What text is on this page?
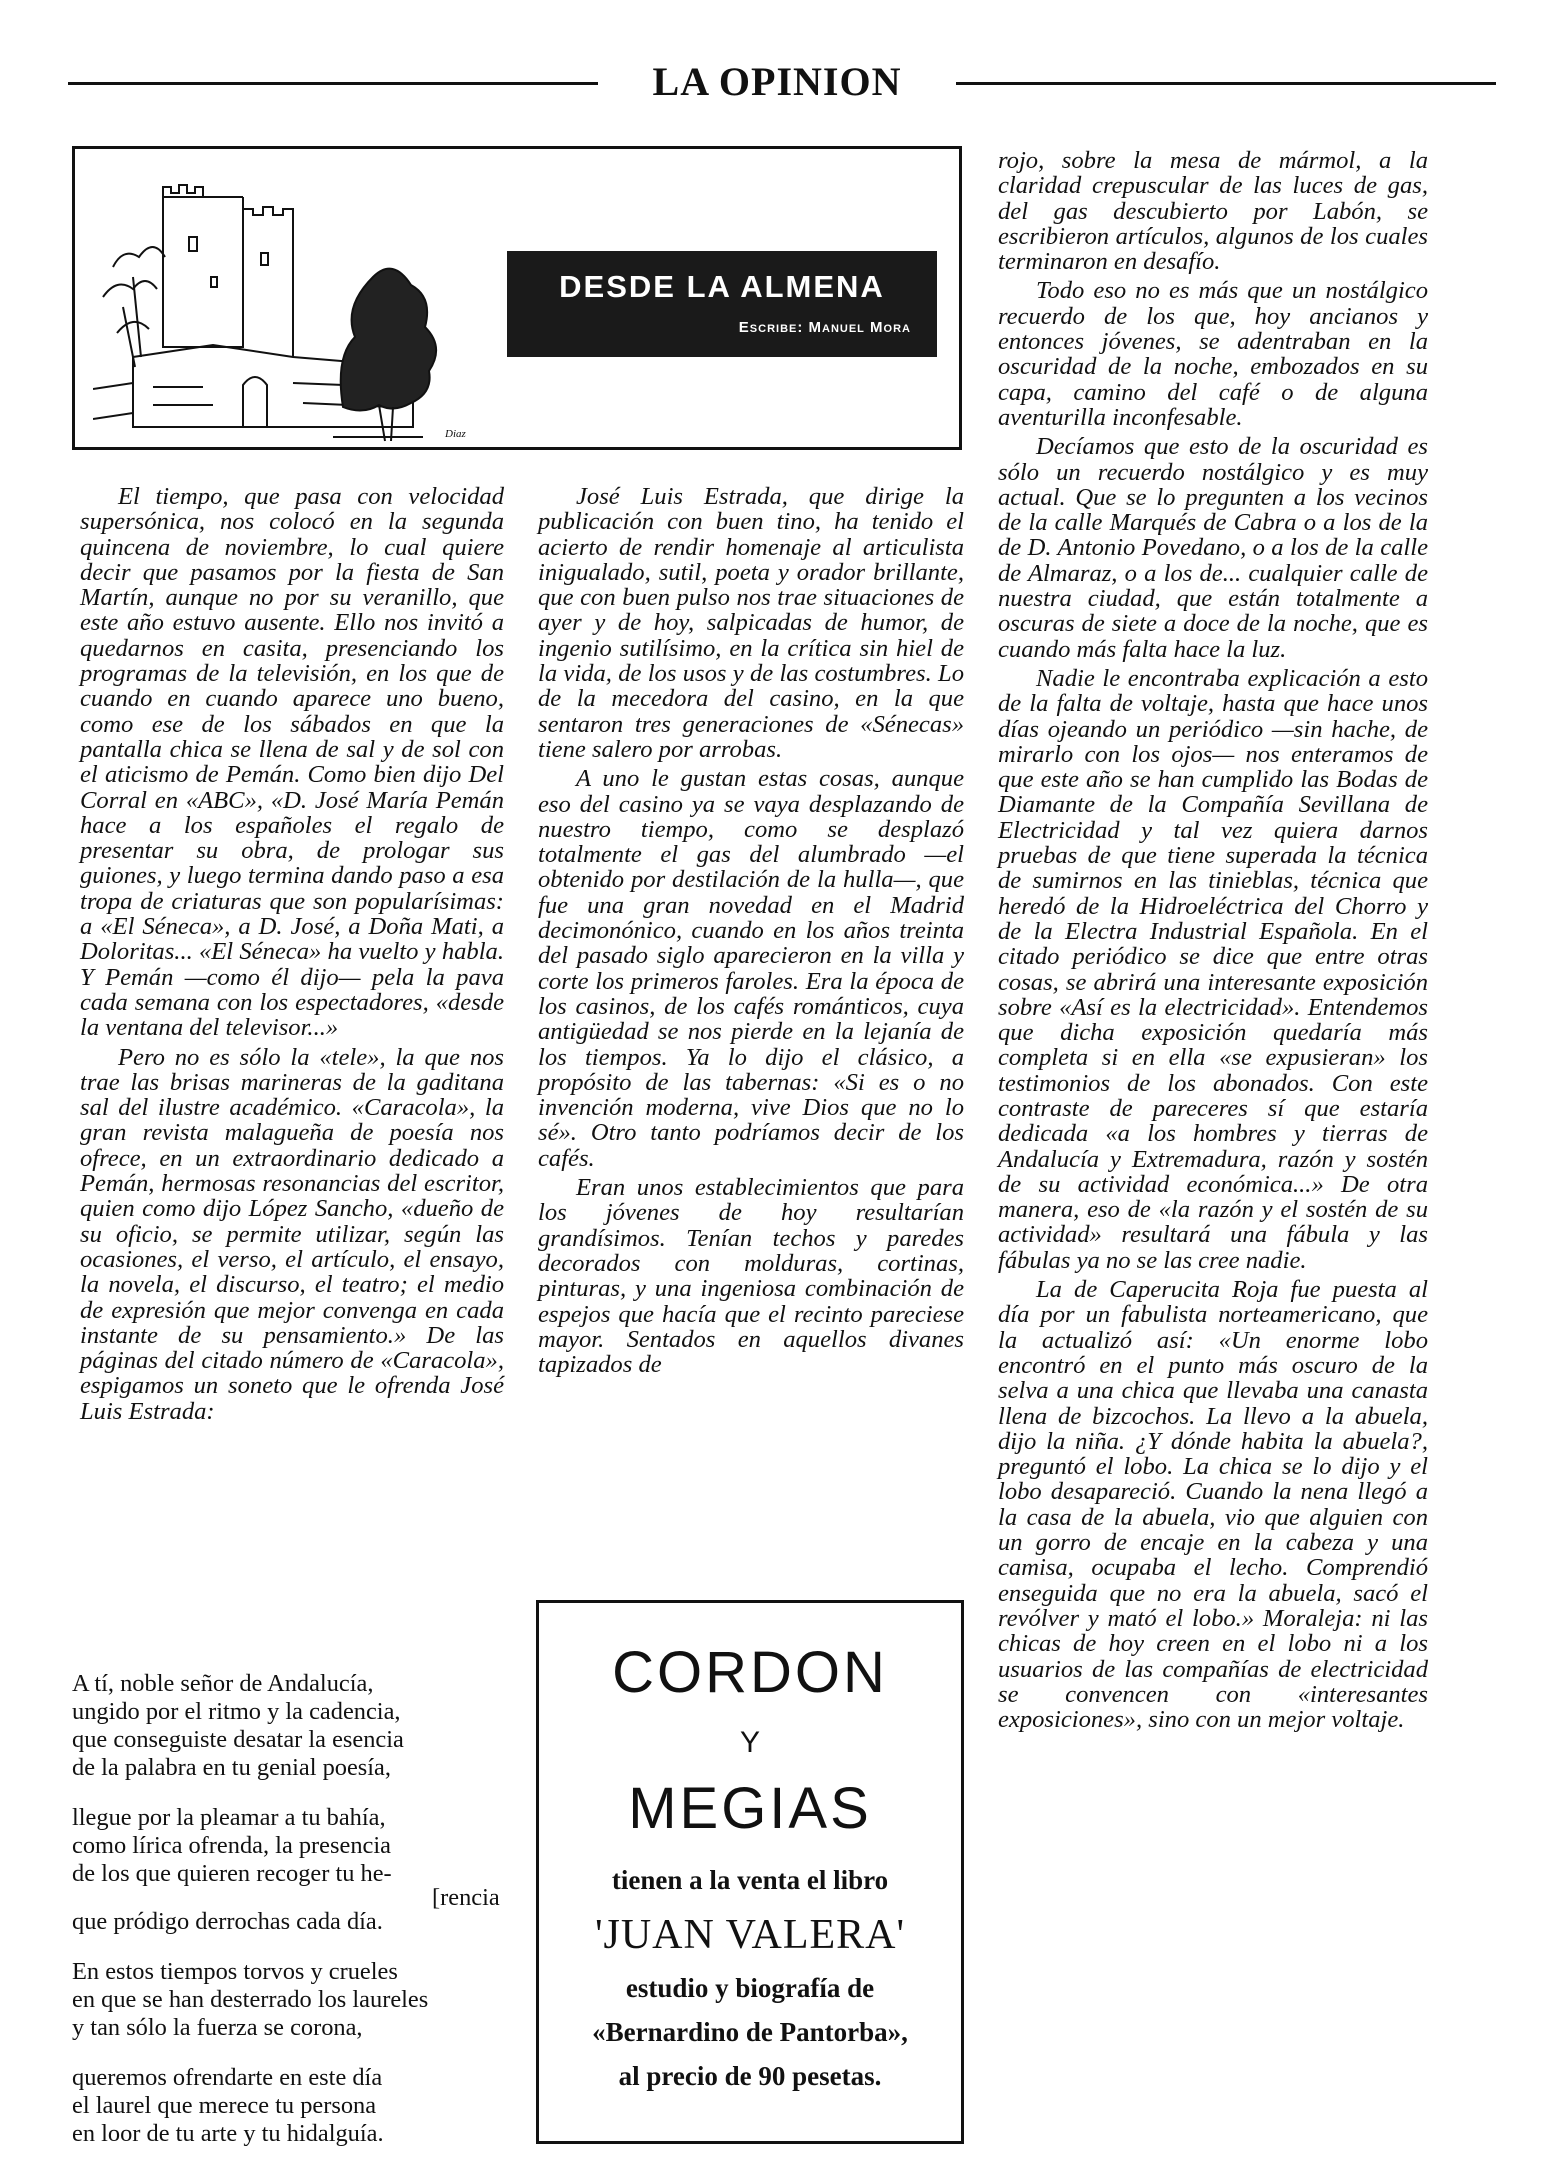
LA OPINION
Diaz
DESDE LA ALMENA
Escribe: Manuel Mora

El tiempo, que pasa con velocidad supersónica, nos colocó en la segunda quincena de noviembre, lo cual quiere decir que pasamos por la fiesta de San Martín, aunque no por su veranillo, que este año estuvo ausente. Ello nos invitó a quedarnos en casita, presenciando los programas de la televisión, en los que de cuando en cuando aparece uno bueno, como ese de los sábados en que la pantalla chica se llena de sal y de sol con el aticismo de Pemán. Como bien dijo Del Corral en «ABC», «D. José María Pemán hace a los españoles el regalo de presentar su obra, de prologar sus guiones, y luego termina dando paso a esa tropa de criaturas que son popularísimas: a «El Séneca», a D. José, a Doña Mati, a Doloritas... «El Séneca» ha vuelto y habla. Y Pemán —como él dijo— pela la pava cada semana con los espectadores, «desde la ventana del televisor...»

Pero no es sólo la «tele», la que nos trae las brisas marineras de la gaditana sal del ilustre académico. «Caracola», la gran revista malagueña de poesía nos ofrece, en un extraordinario dedicado a Pemán, hermosas resonancias del escritor, quien como dijo López Sancho, «dueño de su oficio, se permite utilizar, según las ocasiones, el verso, el artículo, el ensayo, la novela, el discurso, el teatro; el medio de expresión que mejor convenga en cada instante de su pensamiento.» De las páginas del citado número de «Caracola», espigamos un soneto que le ofrenda José Luis Estrada:

A tí, noble señor de Andalucía,
ungido por el ritmo y la cadencia,
que conseguiste desatar la esencia
de la palabra en tu genial poesía,
llegue por la pleamar a tu bahía,
como lírica ofrenda, la presencia
de los que quieren recoger tu he-
[rencia
que pródigo derrochas cada día.
En estos tiempos torvos y crueles
en que se han desterrado los laureles
y tan sólo la fuerza se corona,
queremos ofrendarte en este día
el laurel que merece tu persona
en loor de tu arte y tu hidalguía.

José Luis Estrada, que dirige la publicación con buen tino, ha tenido el acierto de rendir homenaje al articulista inigualado, sutil, poeta y orador brillante, que con buen pulso nos trae situaciones de ayer y de hoy, salpicadas de humor, de ingenio sutilísimo, en la crítica sin hiel de la vida, de los usos y de las costumbres. Lo de la mecedora del casino, en la que sentaron tres generaciones de «Sénecas» tiene salero por arrobas.

A uno le gustan estas cosas, aunque eso del casino ya se vaya desplazando de nuestro tiempo, como se desplazó totalmente el gas del alumbrado —el obtenido por destilación de la hulla—, que fue una gran novedad en el Madrid decimonónico, cuando en los años treinta del pasado siglo aparecieron en la villa y corte los primeros faroles. Era la época de los casinos, de los cafés románticos, cuya antigüedad se nos pierde en la lejanía de los tiempos. Ya lo dijo el clásico, a propósito de las tabernas: «Si es o no invención moderna, vive Dios que no lo sé». Otro tanto podríamos decir de los cafés.

Eran unos establecimientos que para los jóvenes de hoy resultarían grandísimos. Tenían techos y paredes decorados con molduras, cortinas, pinturas, y una ingeniosa combinación de espejos que hacía que el recinto pareciese mayor. Sentados en aquellos divanes tapizados de

CORDON
Y
MEGIAS
tienen a la venta el libro
'JUAN VALERA'
estudio y biografía de
«Bernardino de Pantorba»,
al precio de 90 pesetas.

rojo, sobre la mesa de mármol, a la claridad crepuscular de las luces de gas, del gas descubierto por Labón, se escribieron artículos, algunos de los cuales terminaron en desafío.

Todo eso no es más que un nostálgico recuerdo de los que, hoy ancianos y entonces jóvenes, se adentraban en la oscuridad de la noche, embozados en su capa, camino del café o de alguna aventurilla inconfesable.

Decíamos que esto de la oscuridad es sólo un recuerdo nostálgico y es muy actual. Que se lo pregunten a los vecinos de la calle Marqués de Cabra o a los de la de D. Antonio Povedano, o a los de la calle de Almaraz, o a los de... cualquier calle de nuestra ciudad, que están totalmente a oscuras de siete a doce de la noche, que es cuando más falta hace la luz.

Nadie le encontraba explicación a esto de la falta de voltaje, hasta que hace unos días ojeando un periódico —sin hache, de mirarlo con los ojos— nos enteramos de que este año se han cumplido las Bodas de Diamante de la Compañía Sevillana de Electricidad y tal vez quiera darnos pruebas de que tiene superada la técnica de sumirnos en las tinieblas, técnica que heredó de la Hidroeléctrica del Chorro y de la Electra Industrial Española. En el citado periódico se dice que entre otras cosas, se abrirá una interesante exposición sobre «Así es la electricidad». Entendemos que dicha exposición quedaría más completa si en ella «se expusieran» los testimonios de los abonados. Con este contraste de pareceres sí que estaría dedicada «a los hombres y tierras de Andalucía y Extremadura, razón y sostén de su actividad económica...» De otra manera, eso de «la razón y el sostén de su actividad» resultará una fábula y las fábulas ya no se las cree nadie.

La de Caperucita Roja fue puesta al día por un fabulista norteamericano, que la actualizó así: «Un enorme lobo encontró en el punto más oscuro de la selva a una chica que llevaba una canasta llena de bizcochos. La llevo a la abuela, dijo la niña. ¿Y dónde habita la abuela?, preguntó el lobo. La chica se lo dijo y el lobo desapareció. Cuando la nena llegó a la casa de la abuela, vio que alguien con un gorro de encaje en la cabeza y una camisa, ocupaba el lecho. Comprendió enseguida que no era la abuela, sacó el revólver y mató el lobo.» Moraleja: ni las chicas de hoy creen en el lobo ni a los usuarios de las compañías de electricidad se convencen con «interesantes exposiciones», sino con un mejor voltaje.
